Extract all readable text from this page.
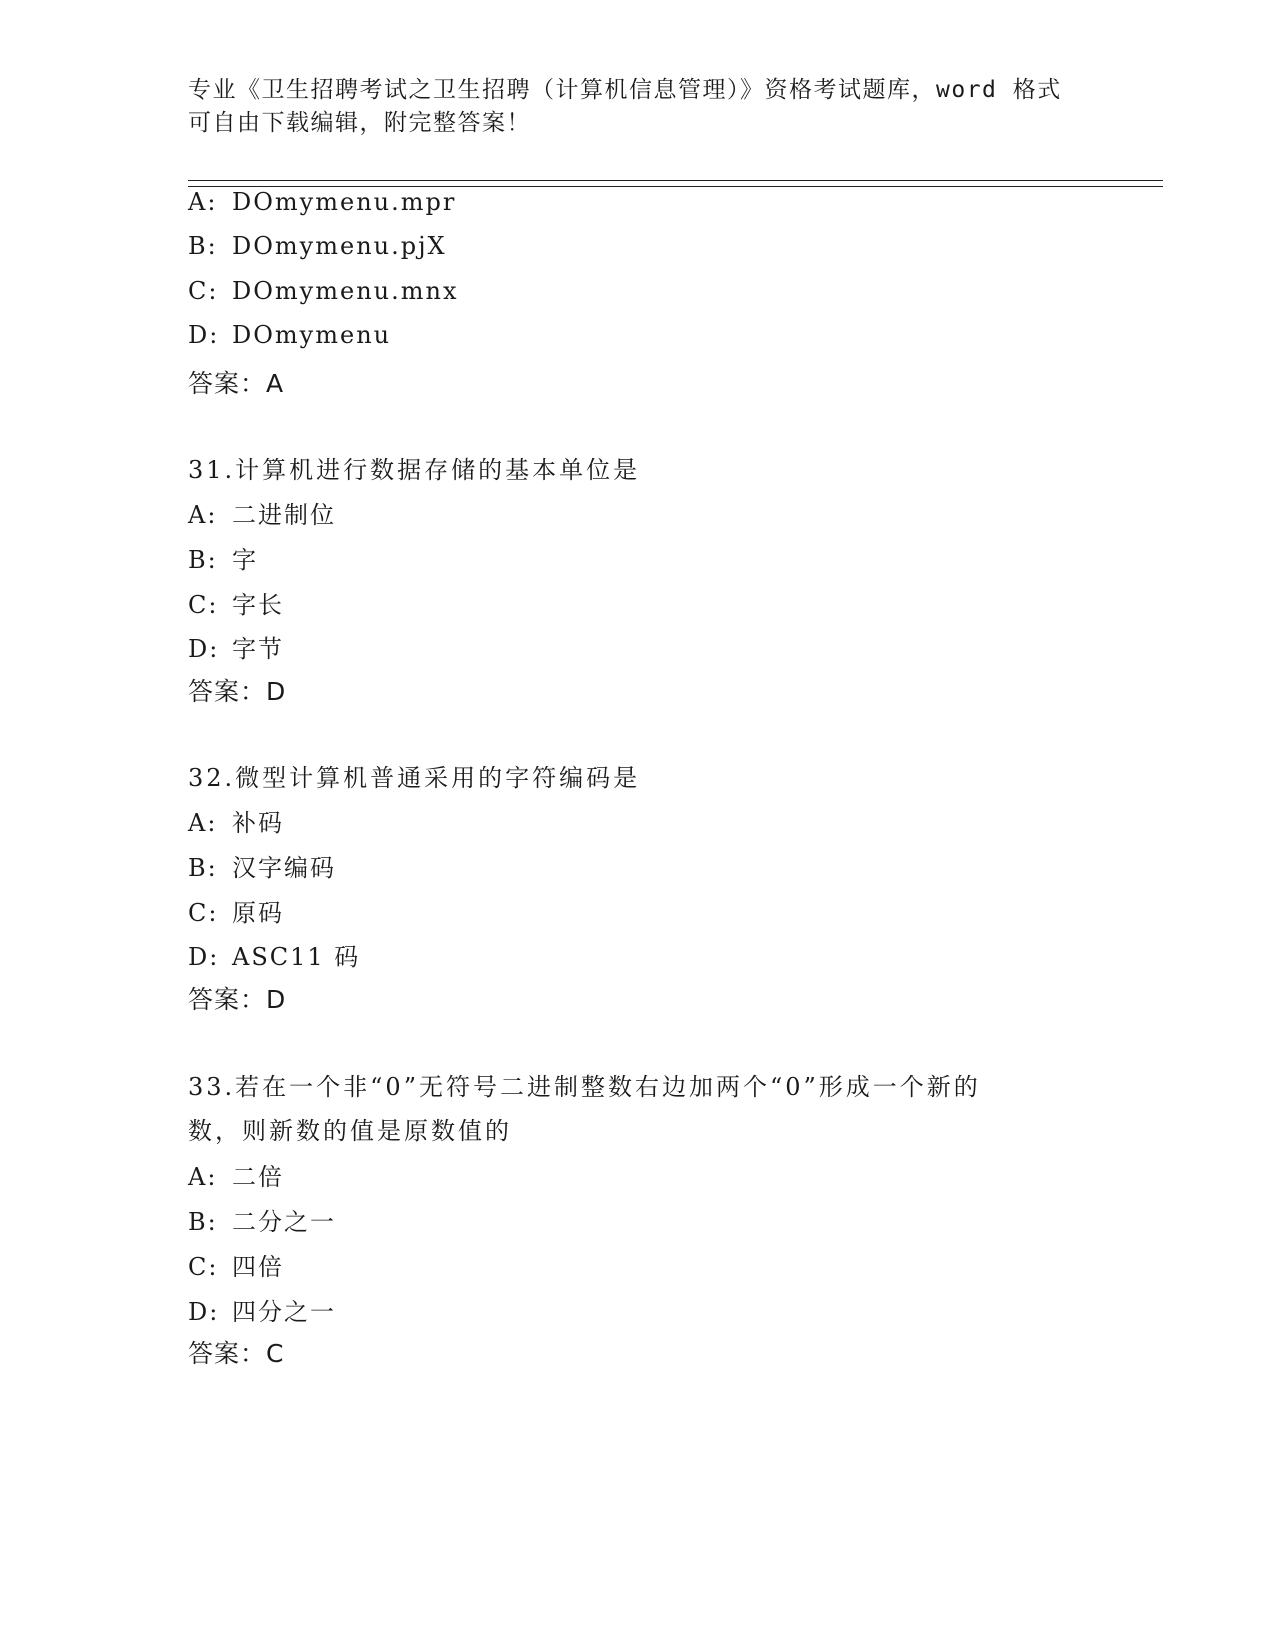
专业《卫生招聘考试之卫生招聘（计算机信息管理）》资格考试题库，word 格式
可自由下载编辑，附完整答案！
A: DOmymenu.mpr
B: DOmymenu.pjX
C: DOmymenu.mnx
D: DOmymenu
答案：A
31.计算机进行数据存储的基本单位是
A: 二进制位
B: 字
C: 字长
D: 字节
答案：D
32.微型计算机普通采用的字符编码是
A: 补码
B: 汉字编码
C: 原码
D: ASC11 码
答案：D
33.若在一个非“0”无符号二进制整数右边加两个“0”形成一个新的
数，则新数的值是原数值的
A: 二倍
B: 二分之一
C: 四倍
D: 四分之一
答案：C
